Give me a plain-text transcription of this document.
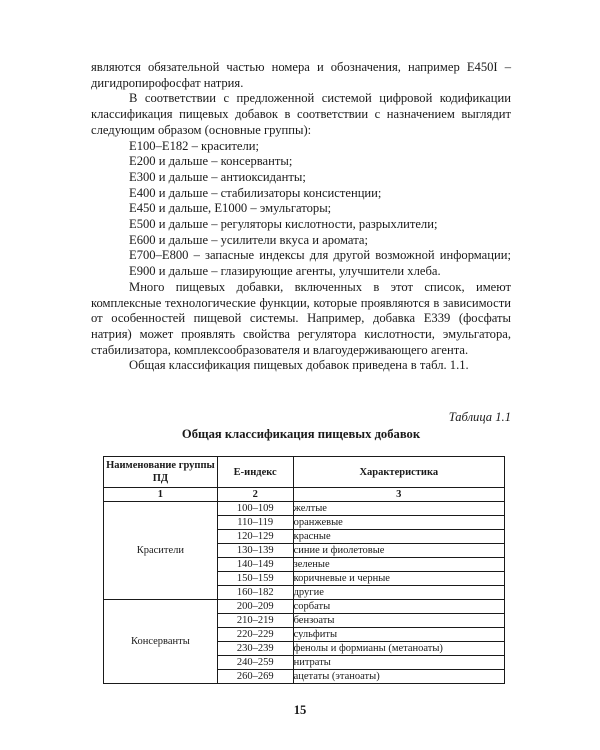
являются обязательной частью номера и обозначения, например Е450I – дигидропирофосфат натрия.

В соответствии с предложенной системой цифровой кодификации классификация пищевых добавок в соответствии с назначением выглядит следующим образом (основные группы):

Е100–Е182 – красители;

Е200 и дальше – консерванты;

Е300 и дальше – антиоксиданты;

Е400 и дальше – стабилизаторы консистенции;

Е450 и дальше, Е1000 – эмульгаторы;

Е500 и дальше – регуляторы кислотности, разрыхлители;

Е600 и дальше – усилители вкуса и аромата;

Е700–Е800 – запасные индексы для другой возможной информации;

Е900 и дальше – глазирующие агенты, улучшители хлеба.

Много пищевых добавки, включенных в этот список, имеют комплексные технологические функции, которые проявляются в зависимости от особенностей пищевой системы. Например, добавка Е339 (фосфаты натрия) может проявлять свойства регулятора кислотности, эмульгатора, стабилизатора, комплексообразователя и влагоудерживающего агента.

Общая классификация пищевых добавок приведена в табл. 1.1.

Таблица 1.1
Общая классификация пищевых добавок
Наименование группы ПД	Е-индекс	Характеристика
1	2	3
Красители	100–109	желтые
	110–119	оранжевые
	120–129	красные
	130–139	синие и фиолетовые
	140–149	зеленые
	150–159	коричневые и черные
	160–182	другие
Консерванты	200–209	сорбаты
	210–219	бензоаты
	220–229	сульфиты
	230–239	фенолы и формианы (метаноаты)
	240–259	нитраты
	260–269	ацетаты (этаноаты)
15
